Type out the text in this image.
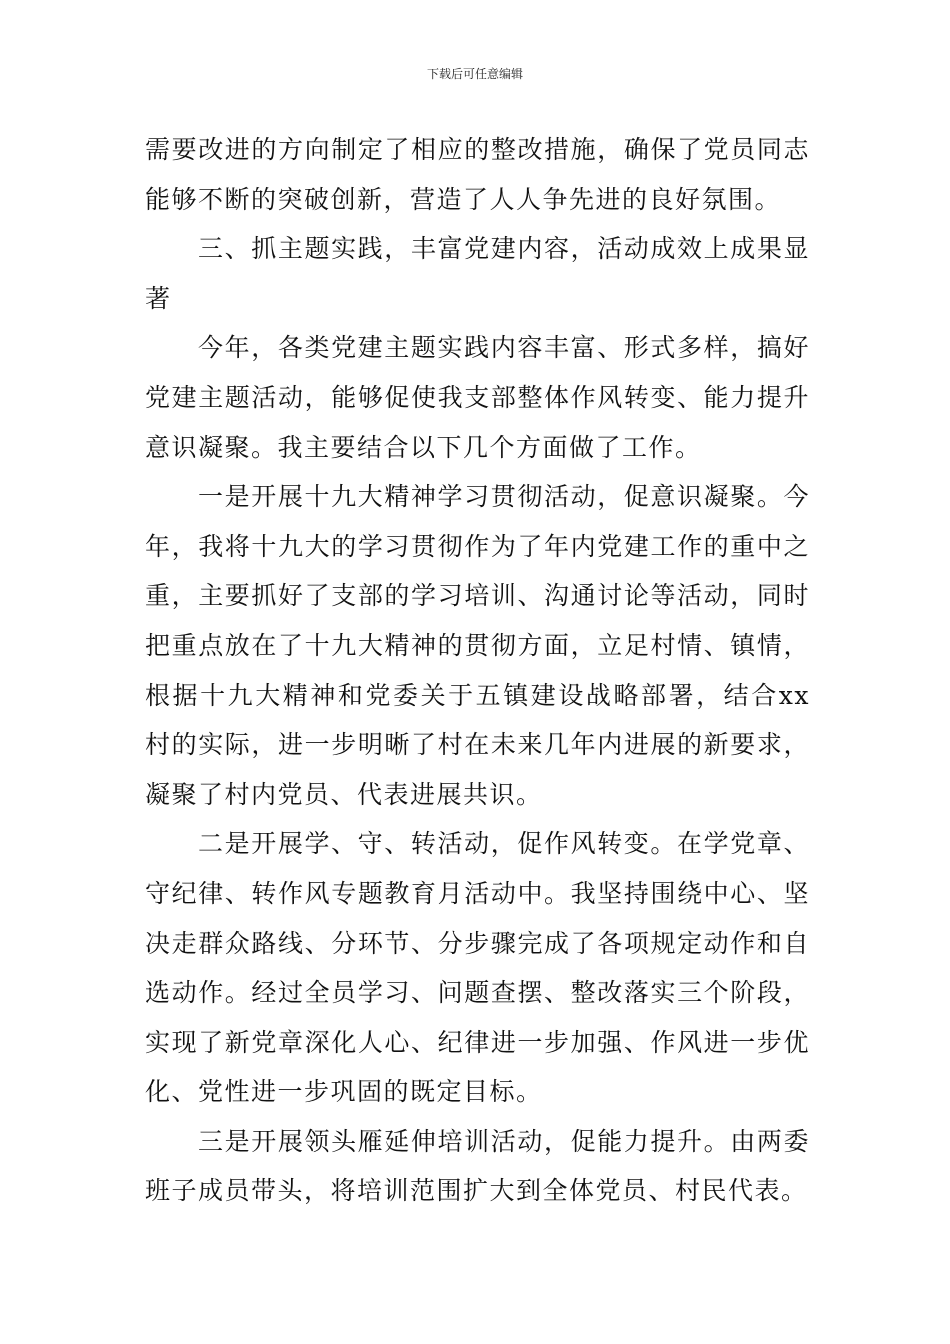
下载后可任意编辑

需要改进的方向制定了相应的整改措施，确保了党员同志能够不断的突破创新，营造了人人争先进的良好氛围。

三、抓主题实践，丰富党建内容，活动成效上成果显著

今年，各类党建主题实践内容丰富、形式多样，搞好党建主题活动，能够促使我支部整体作风转变、能力提升意识凝聚。我主要结合以下几个方面做了工作。

一是开展十九大精神学习贯彻活动，促意识凝聚。今年，我将十九大的学习贯彻作为了年内党建工作的重中之重，主要抓好了支部的学习培训、沟通讨论等活动，同时把重点放在了十九大精神的贯彻方面，立足村情、镇情，根据十九大精神和党委关于五镇建设战略部署，结合xx村的实际，进一步明晰了村在未来几年内进展的新要求，凝聚了村内党员、代表进展共识。

二是开展学、守、转活动，促作风转变。在学党章、守纪律、转作风专题教育月活动中。我坚持围绕中心、坚决走群众路线、分环节、分步骤完成了各项规定动作和自选动作。经过全员学习、问题查摆、整改落实三个阶段，实现了新党章深化人心、纪律进一步加强、作风进一步优化、党性进一步巩固的既定目标。

三是开展领头雁延伸培训活动，促能力提升。由两委班子成员带头，将培训范围扩大到全体党员、村民代表。
